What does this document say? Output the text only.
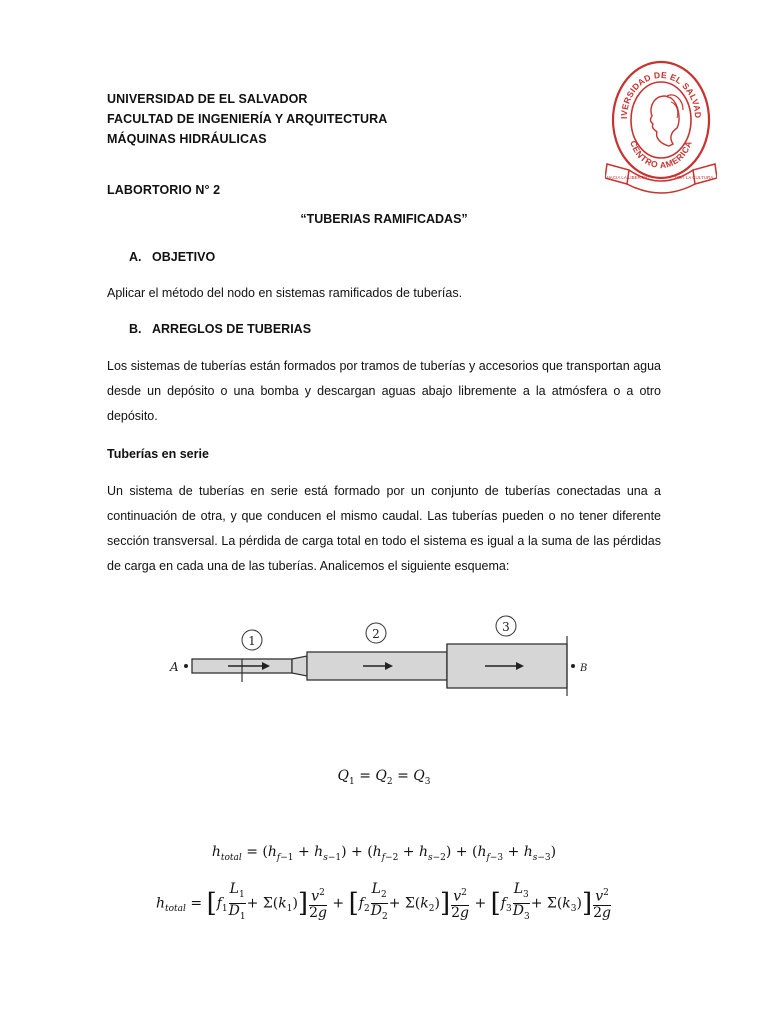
UNIVERSIDAD DE EL SALVADOR
FACULTAD DE INGENIERÍA Y ARQUITECTURA
MÁQUINAS HIDRÁULICAS
IVERSIDAD DE EL SALVAD
CENTRO AMERICA
HACIA LA LIBERTAD	POR LA CULTURA
LABORTORIO N° 2
“TUBERIAS RAMIFICADAS”
A. OBJETIVO
Aplicar el método del nodo en sistemas ramificados de tuberías.
B. ARREGLOS DE TUBERIAS
Los sistemas de tuberías están formados por tramos de tuberías y accesorios que transportan agua desde un depósito o una bomba y descargan aguas abajo libremente a la atmósfera o a otro depósito.
Tuberías en serie
Un sistema de tuberías en serie está formado por un conjunto de tuberías conectadas una a continuación de otra, y que conducen el mismo caudal. Las tuberías pueden o no tener diferente sección transversal. La pérdida de carga total en todo el sistema es igual a la suma de las pérdidas de carga en cada una de las tuberías. Analicemos el siguiente esquema:
1	2	3
A	B
$Q_1 = Q_2 = Q_3$
$h_{total} = (h_{f-1} + h_{s-1}) + (h_{f-2} + h_{s-2}) + (h_{f-3} + h_{s-3})$
$h_{total} = [f_1 \frac{L_1}{D_1} + \Sigma(k_1)] \frac{v^2}{2g} + [f_2 \frac{L_2}{D_2} + \Sigma(k_2)] \frac{v^2}{2g} + [f_3 \frac{L_3}{D_3} + \Sigma(k_3)] \frac{v^2}{2g}$
